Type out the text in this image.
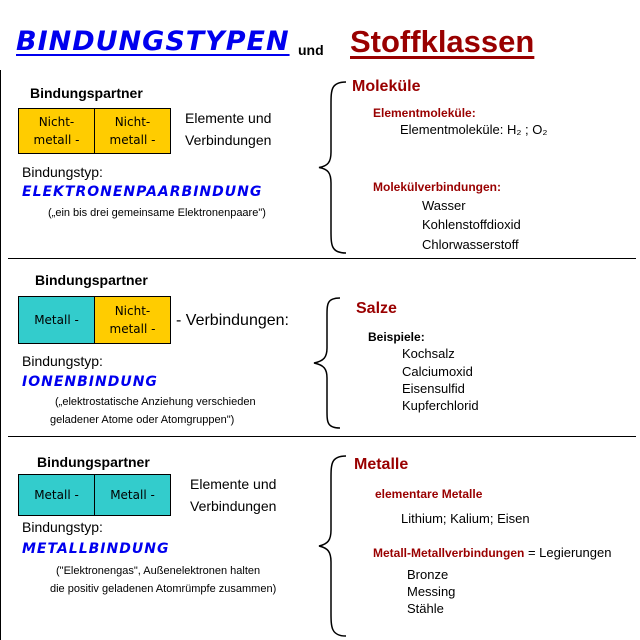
BINDUNGSTYPEN und Stoffklassen
Bindungspartner
Nicht-
metall -
Nicht-
metall -
Elemente und
Verbindungen
Bindungstyp:
ELEKTRONENPAARBINDUNG
(„ein bis drei gemeinsame Elektronenpaare")
Moleküle
Elementmoleküle:
Elementmoleküle: H₂ ; O₂
Molekülverbindungen:
Wasser
Kohlenstoffdioxid
Chlorwasserstoff
Bindungspartner
Metall -
Nicht-
metall - - Verbindungen:
Bindungstyp:
IONENBINDUNG
(„elektrostatische Anziehung verschieden
geladener Atome oder Atomgruppen")
Salze
Beispiele:
Kochsalz
Calciumoxid
Eisensulfid
Kupferchlorid
Bindungspartner
Metall -	Metall -
Elemente und
Verbindungen
Bindungstyp:
METALLBINDUNG
("Elektronengas", Außenelektronen halten
die positiv geladenen Atomrümpfe zusammen)
Metalle
elementare Metalle
Lithium; Kalium; Eisen
Metall-Metallverbindungen = Legierungen
Bronze
Messing
Stähle
